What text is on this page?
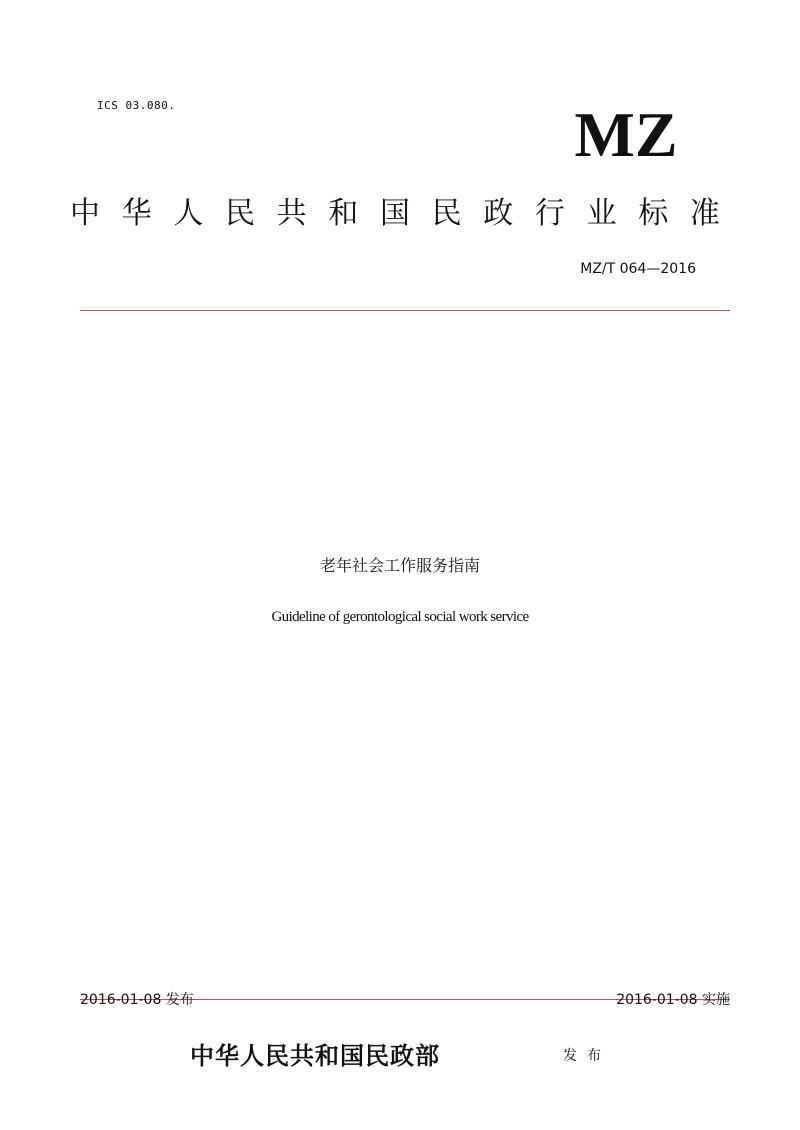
ICS 03.080.	MZ
中 华 人 民 共 和 国 民 政 行 业 标 准
MZ/T 064—2016
老年社会工作服务指南
Guideline of gerontological social work service
2016-01-08 发布	2016-01-08 实施
中华人民共和国民政部	发布
